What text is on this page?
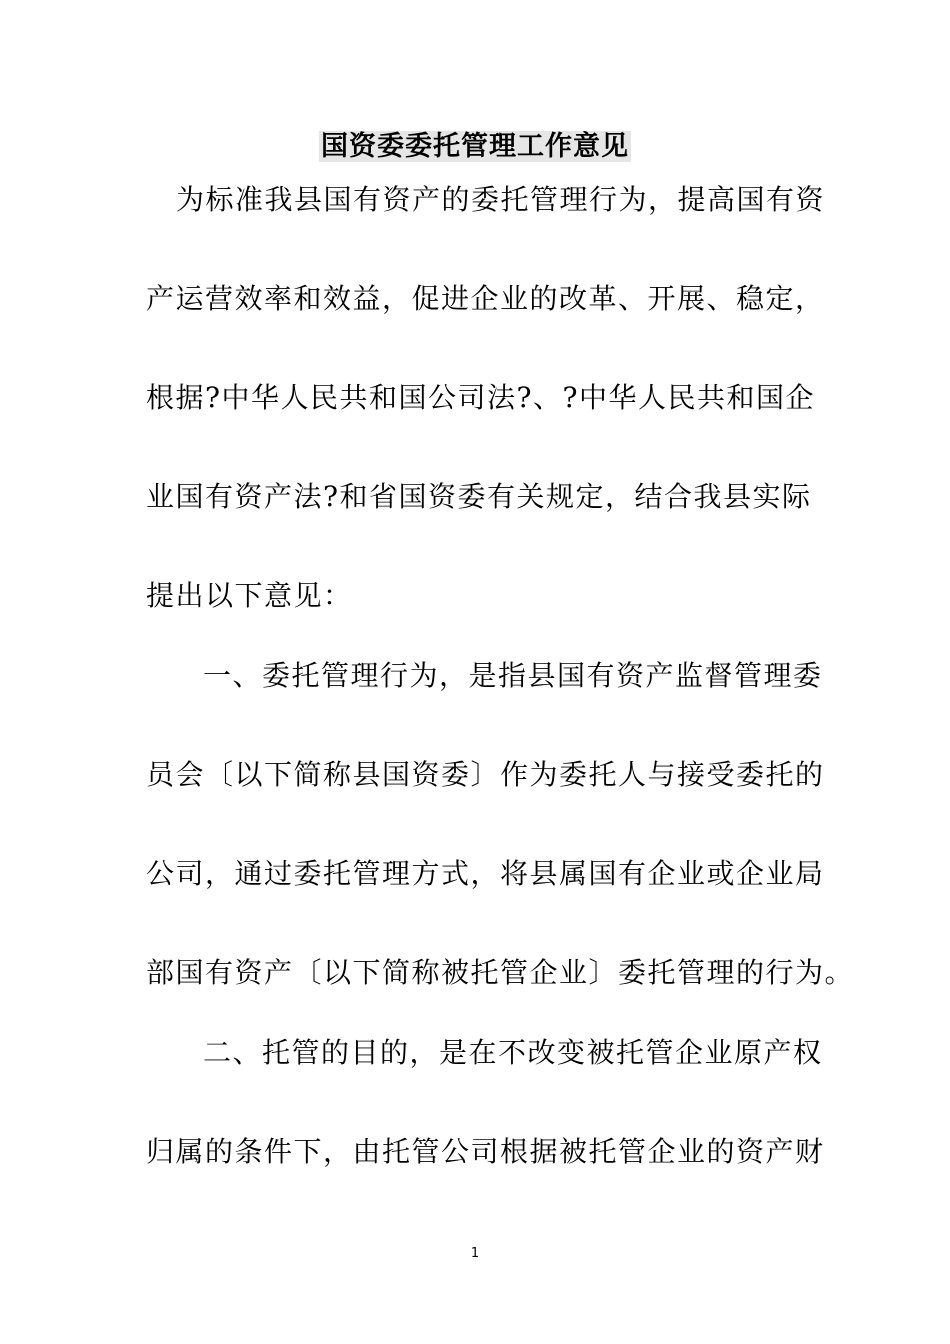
国资委委托管理工作意见
为标准我县国有资产的委托管理行为，提高国有资
产运营效率和效益，促进企业的改革、开展、稳定，
根据?中华人民共和国公司法?、?中华人民共和国企
业国有资产法?和省国资委有关规定，结合我县实际
提出以下意见：
一、委托管理行为，是指县国有资产监督管理委
员会〔以下简称县国资委〕作为委托人与接受委托的
公司，通过委托管理方式，将县属国有企业或企业局
部国有资产〔以下简称被托管企业〕委托管理的行为。
二、托管的目的，是在不改变被托管企业原产权
归属的条件下，由托管公司根据被托管企业的资产财
1
